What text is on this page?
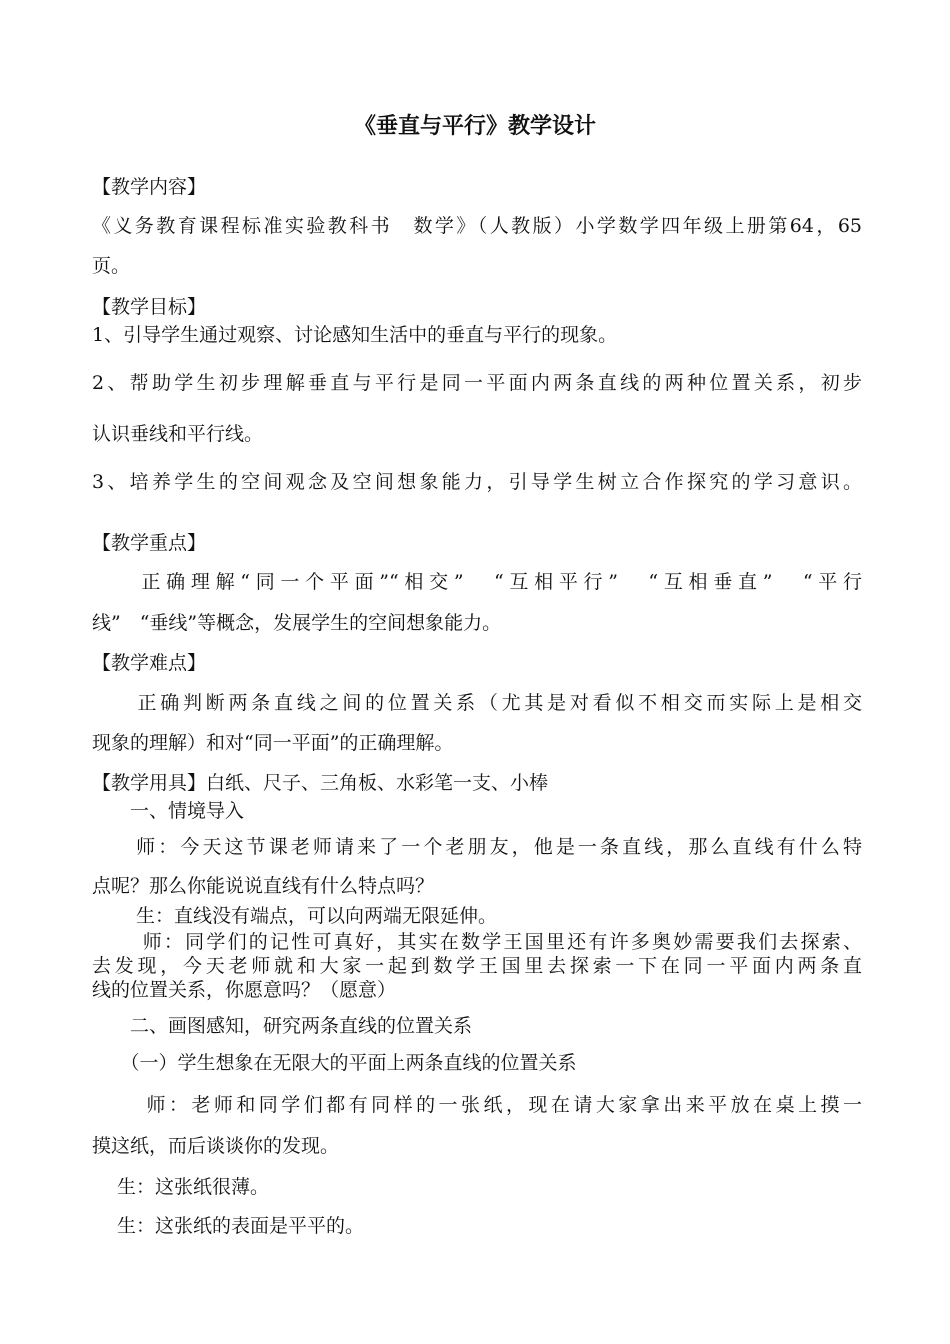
《垂直与平行》教学设计
【教学内容】
《义务教育课程标准实验教科书　数学》（人教版）小学数学四年级上册第64，65
页。
【教学目标】
1、引导学生通过观察、讨论感知生活中的垂直与平行的现象。
2、帮助学生初步理解垂直与平行是同一平面内两条直线的两种位置关系，初步
认识垂线和平行线。
3、培养学生的空间观念及空间想象能力，引导学生树立合作探究的学习意识。
【教学重点】
　　正确理解“同一个平面”“相交”　“互相平行”　“互相垂直”　“平行
线”　“垂线”等概念，发展学生的空间想象能力。
【教学难点】
　　正确判断两条直线之间的位置关系（尤其是对看似不相交而实际上是相交
现象的理解）和对“同一平面”的正确理解。
【教学用具】白纸、尺子、三角板、水彩笔一支、小棒
　　一、情境导入
　　师：今天这节课老师请来了一个老朋友，他是一条直线，那么直线有什么特
点呢？那么你能说说直线有什么特点吗？
　　 生：直线没有端点，可以向两端无限延伸。
　　 师：同学们的记性可真好，其实在数学王国里还有许多奥妙需要我们去探索、
去发现，今天老师就和大家一起到数学王国里去探索一下在同一平面内两条直
线的位置关系，你愿意吗？（愿意）
　　二、画图感知，研究两条直线的位置关系
　　（一）学生想象在无限大的平面上两条直线的位置关系
　　 师：老师和同学们都有同样的一张纸，现在请大家拿出来平放在桌上摸一
摸这纸，而后谈谈你的发现。
　 生：这张纸很薄。
　 生：这张纸的表面是平平的。
